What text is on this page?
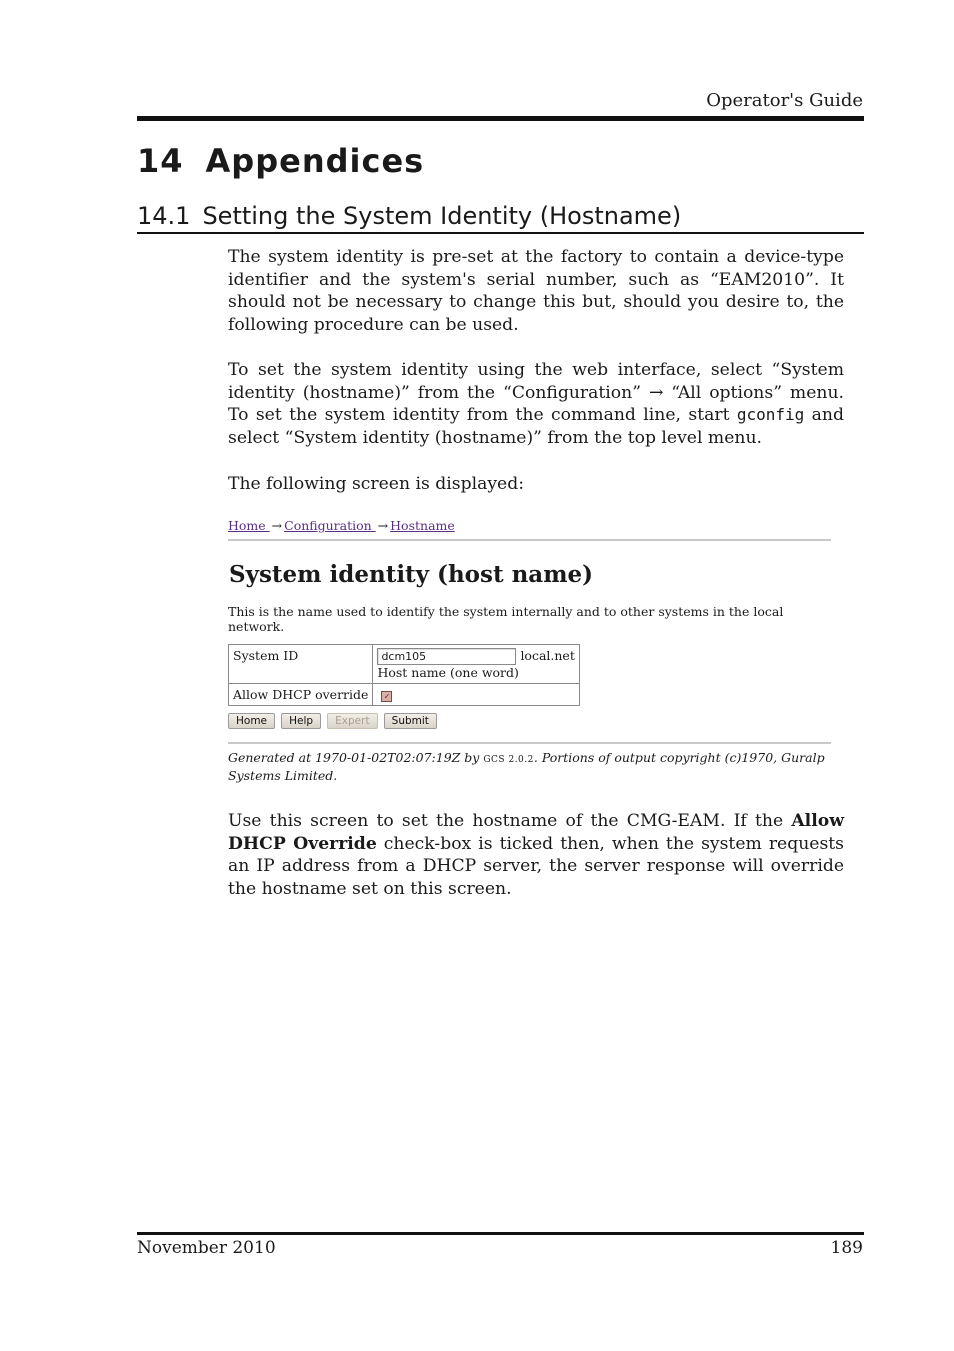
Operator's Guide
14 Appendices
14.1 Setting the System Identity (Hostname)

The system identity is pre-set at the factory to contain a device-type identifier and the system's serial number, such as “EAM2010”. It should not be necessary to change this but, should you desire to, the following procedure can be used.

To set the system identity using the web interface, select “System identity (hostname)” from the “Configuration” → “All options” menu. To set the system identity from the command line, start gconfig and select “System identity (hostname)” from the top level menu.

The following screen is displayed:

Home → Configuration → Hostname
System identity (host name)
This is the name used to identify the system internally and to other systems in the local network.
System ID	dcm105 local.net
Host name (one word)
Allow DHCP override	✓
Home Help Expert Submit
Generated at 1970-01-02T02:07:19Z by GCS 2.0.2. Portions of output copyright (c)1970, Guralp Systems Limited.

Use this screen to set the hostname of the CMG-EAM. If the Allow DHCP Override check-box is ticked then, when the system requests an IP address from a DHCP server, the server response will override the hostname set on this screen.

November 2010	189
